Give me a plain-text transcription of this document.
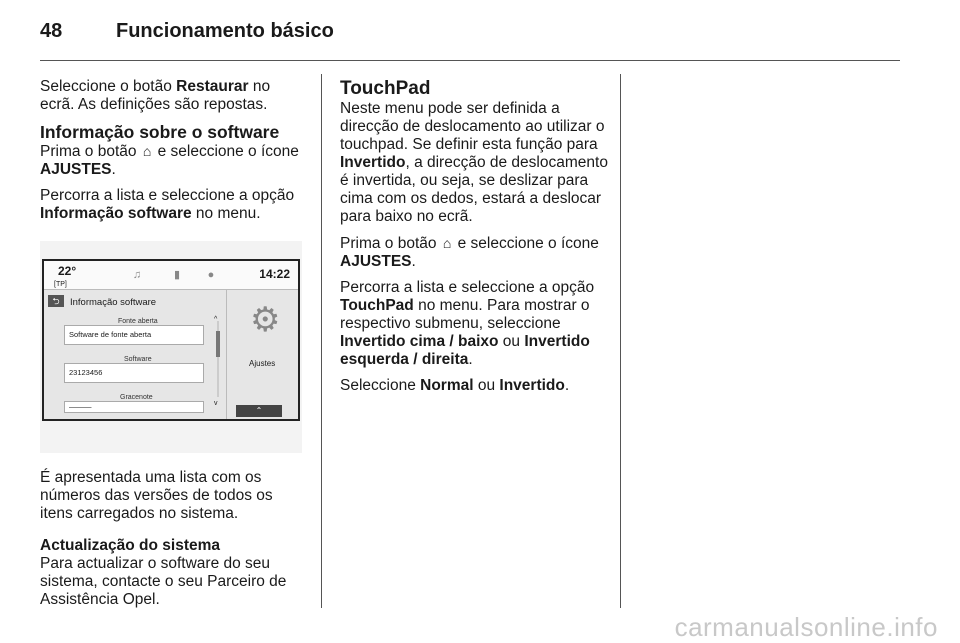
48	Funcionamento básico

Seleccione o botão Restaurar no ecrã. As definições são repostas.

Informação sobre o software

Prima o botão ⌂ e seleccione o ícone AJUSTES.

Percorra a lista e seleccione a opção Informação software no menu.

22°
[TP]
♫	▮	●	14:22
⮌	Informação software
Fonte aberta
Software de fonte aberta
Software
23123456
Gracenote
———
^
v
⚙
Ajustes
⌃

É apresentada uma lista com os números das versões de todos os itens carregados no sistema.

Actualização do sistema

Para actualizar o software do seu sistema, contacte o seu Parceiro de Assistência Opel.

TouchPad

Neste menu pode ser definida a direcção de deslocamento ao utilizar o touchpad. Se definir esta função para Invertido, a direcção de deslocamento é invertida, ou seja, se deslizar para cima com os dedos, estará a deslocar para baixo no ecrã.

Prima o botão ⌂ e seleccione o ícone AJUSTES.

Percorra a lista e seleccione a opção TouchPad no menu. Para mostrar o respectivo submenu, seleccione Invertido cima / baixo ou Invertido esquerda / direita.

Seleccione Normal ou Invertido.

carmanualsonline.info
